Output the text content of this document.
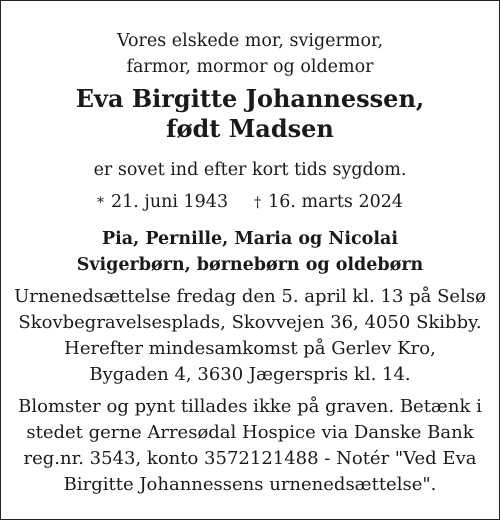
Vores elskede mor, svigermor,
farmor, mormor og oldemor
Eva Birgitte Johannessen,
født Madsen
er sovet ind efter kort tids sygdom.
* 21. juni 1943 † 16. marts 2024
Pia, Pernille, Maria og Nicolai
Svigerbørn, børnebørn og oldebørn
Urnenedsættelse fredag den 5. april kl. 13 på Selsø
Skovbegravelsesplads, Skovvejen 36, 4050 Skibby.
Herefter mindesamkomst på Gerlev Kro,
Bygaden 4, 3630 Jægerspris kl. 14.
Blomster og pynt tillades ikke på graven. Betænk i
stedet gerne Arresødal Hospice via Danske Bank
reg.nr. 3543, konto 3572121488 - Notér "Ved Eva
Birgitte Johannessens urnenedsættelse".
